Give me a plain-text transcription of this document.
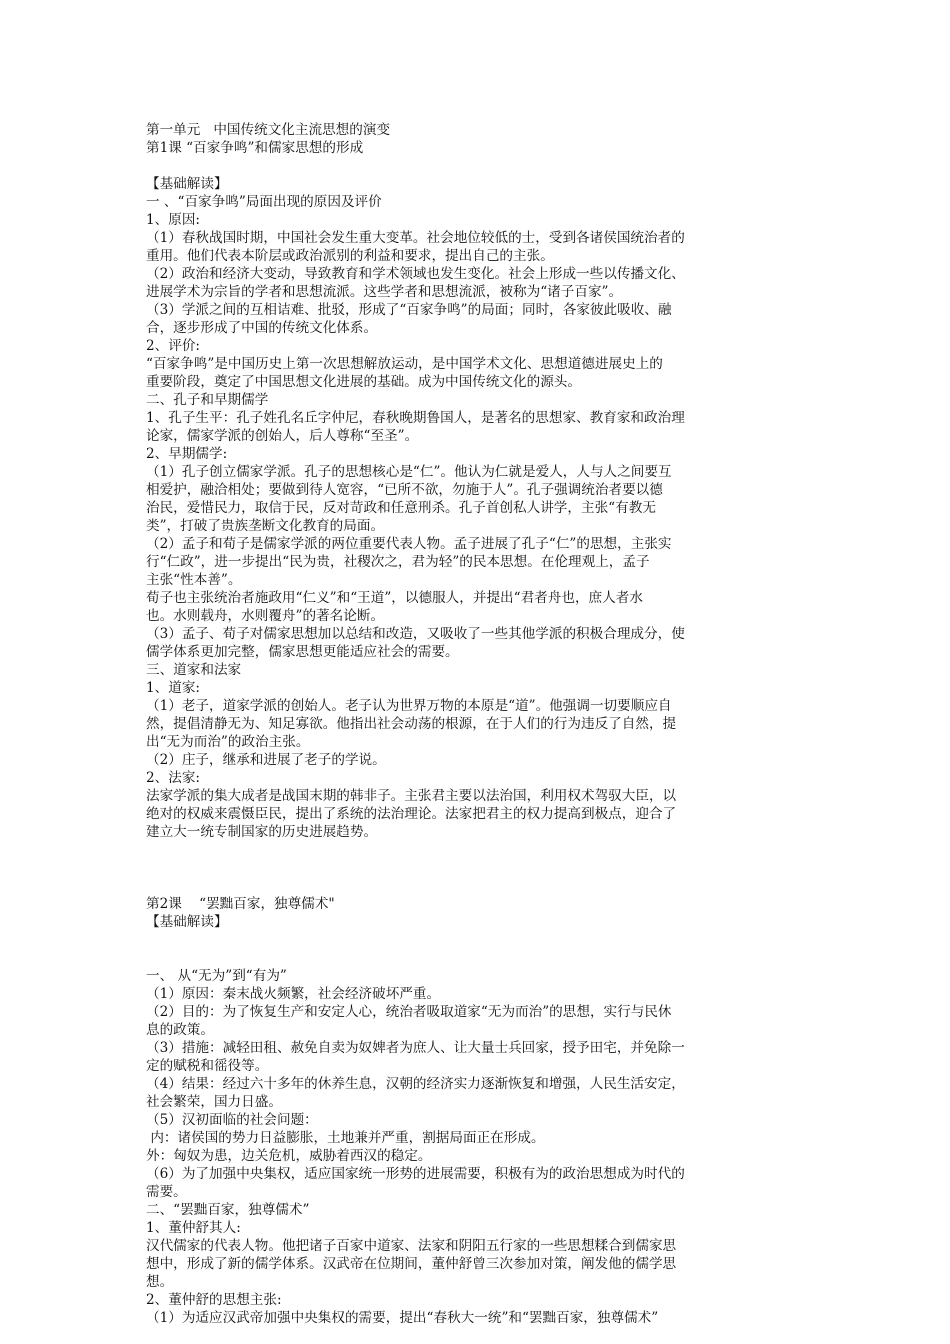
第一单元   中国传统文化主流思想的演变
第1课 “百家争鸣”和儒家思想的形成
【基础解读】
一 、“百家争鸣”局面出现的原因及评价
1、原因:
（1）春秋战国时期，中国社会发生重大变革。社会地位较低的士，受到各诸侯国统治者的
重用。他们代表本阶层或政治派别的利益和要求，提出自己的主张。
（2）政治和经济大变动，导致教育和学术领域也发生变化。社会上形成一些以传播文化、
进展学术为宗旨的学者和思想流派。这些学者和思想流派，被称为“诸子百家”。
（3）学派之间的互相诘难、批驳，形成了“百家争鸣”的局面；同时，各家彼此吸收、融
合，逐步形成了中国的传统文化体系。
2、评价:
“百家争鸣”是中国历史上第一次思想解放运动，是中国学术文化、思想道德进展史上的
重要阶段，奠定了中国思想文化进展的基础。成为中国传统文化的源头。
二、孔子和早期儒学
1、孔子生平：孔子姓孔名丘字仲尼，春秋晚期鲁国人，是著名的思想家、教育家和政治理
论家，儒家学派的创始人，后人尊称“至圣”。
2、早期儒学:
（1）孔子创立儒家学派。孔子的思想核心是“仁”。他认为仁就是爱人，人与人之间要互
相爱护，融洽相处；要做到待人宽容，“已所不欲，勿施于人”。孔子强调统治者要以德
治民，爱惜民力，取信于民，反对苛政和任意刑杀。孔子首创私人讲学，主张“有教无
类”，打破了贵族垄断文化教育的局面。
（2）孟子和荀子是儒家学派的两位重要代表人物。孟子进展了孔子“仁”的思想，主张实
行“仁政”，进一步提出“民为贵，社稷次之，君为轻”的民本思想。在伦理观上，孟子
主张“性本善”。
荀子也主张统治者施政用“仁义”和“王道”，以德服人，并提出“君者舟也，庶人者水
也。水则载舟，水则覆舟”的著名论断。
（3）孟子、荀子对儒家思想加以总结和改造，又吸收了一些其他学派的积极合理成分，使
儒学体系更加完整，儒家思想更能适应社会的需要。
三、道家和法家
1、道家:
（1）老子，道家学派的创始人。老子认为世界万物的本原是“道”。他强调一切要顺应自
然，提倡清静无为、知足寡欲。他指出社会动荡的根源，在于人们的行为违反了自然，提
出“无为而治”的政治主张。
（2）庄子，继承和进展了老子的学说。
2、法家:
法家学派的集大成者是战国末期的韩非子。主张君主要以法治国，利用权术驾驭大臣，以
绝对的权威来震慑臣民，提出了系统的法治理论。法家把君主的权力提高到极点，迎合了
建立大一统专制国家的历史进展趋势。
第2课    “罢黜百家，独尊儒术"
【基础解读】
一、 从“无为”到“有为”
（1）原因：秦末战火频繁，社会经济破坏严重。
（2）目的：为了恢复生产和安定人心，统治者吸取道家“无为而治”的思想，实行与民休
息的政策。
（3）措施：减轻田租、赦免自卖为奴婢者为庶人、让大量士兵回家，授予田宅，并免除一
定的赋税和徭役等。
（4）结果：经过六十多年的休养生息，汉朝的经济实力逐渐恢复和增强，人民生活安定，
社会繁荣，国力日盛。
（5）汉初面临的社会问题：
内：诸侯国的势力日益膨胀，土地兼并严重，割据局面正在形成。
外：匈奴为患，边关危机，威胁着西汉的稳定。
（6）为了加强中央集权，适应国家统一形势的进展需要，积极有为的政治思想成为时代的
需要。
二、“罢黜百家，独尊儒术”
1、董仲舒其人:
汉代儒家的代表人物。他把诸子百家中道家、法家和阴阳五行家的一些思想糅合到儒家思
想中，形成了新的儒学体系。汉武帝在位期间，董仲舒曾三次参加对策，阐发他的儒学思
想。
2、董仲舒的思想主张:
（1）为适应汉武帝加强中央集权的需要，提出“春秋大一统”和“罢黜百家，独尊儒术”
